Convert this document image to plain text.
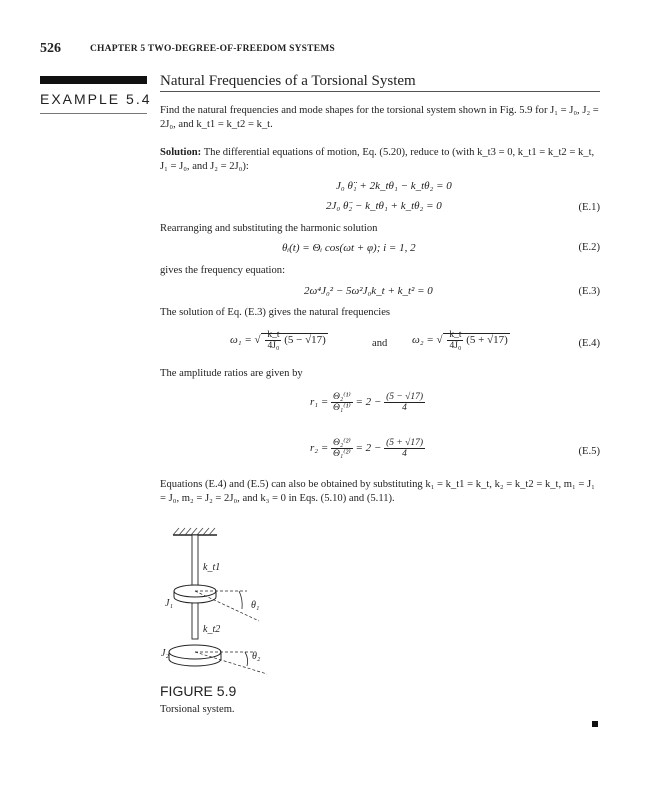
526	CHAPTER 5 TWO-DEGREE-OF-FREEDOM SYSTEMS
EXAMPLE 5.4
Natural Frequencies of a Torsional System
Find the natural frequencies and mode shapes for the torsional system shown in Fig. 5.9 for J₁ = J₀, J₂ = 2J₀, and k_t1 = k_t2 = k_t.
Solution: The differential equations of motion, Eq. (5.20), reduce to (with k_t3 = 0, k_t1 = k_t2 = k_t, J₁ = J₀, and J₂ = 2J₀):
J₀ θ̈₁ + 2k_tθ₁ − k_tθ₂ = 0
2J₀ θ̈₂ − k_tθ₁ + k_tθ₂ = 0	(E.1)
Rearranging and substituting the harmonic solution
θᵢ(t) = Θᵢ cos(ωt + φ); i = 1, 2	(E.2)
gives the frequency equation:
2ω⁴J₀² − 5ω²J₀k_t + k_t² = 0	(E.3)
The solution of Eq. (E.3) gives the natural frequencies
ω₁ = √ $\frac{k\_t}{\text{4J₀}} (5 - √17)$	and ω₂ = √ $\frac{k\_t}{\text{4J₀}} (5 + √17)$	(E.4)
The amplitude ratios are given by
$r_1 = \frac{\text{Θ₂⁽¹⁾}}{\text{Θ₁⁽¹⁾}} = 2 - \frac{(5 - √17)}{4}$
$r_2 = \frac{\text{Θ₂⁽²⁾}}{\text{Θ₁⁽²⁾}} = 2 - \frac{(5 + √17)}{4}$	(E.5)
Equations (E.4) and (E.5) can also be obtained by substituting k₁ = k_t1 = k_t, k₂ = k_t2 = k_t, m₁ = J₁ = J₀, m₂ = J₂ = 2J₀, and k₃ = 0 in Eqs. (5.10) and (5.11).
k_t1
J₁	θ₁
k_t2
J₂	θ₂
FIGURE 5.9
Torsional system.
